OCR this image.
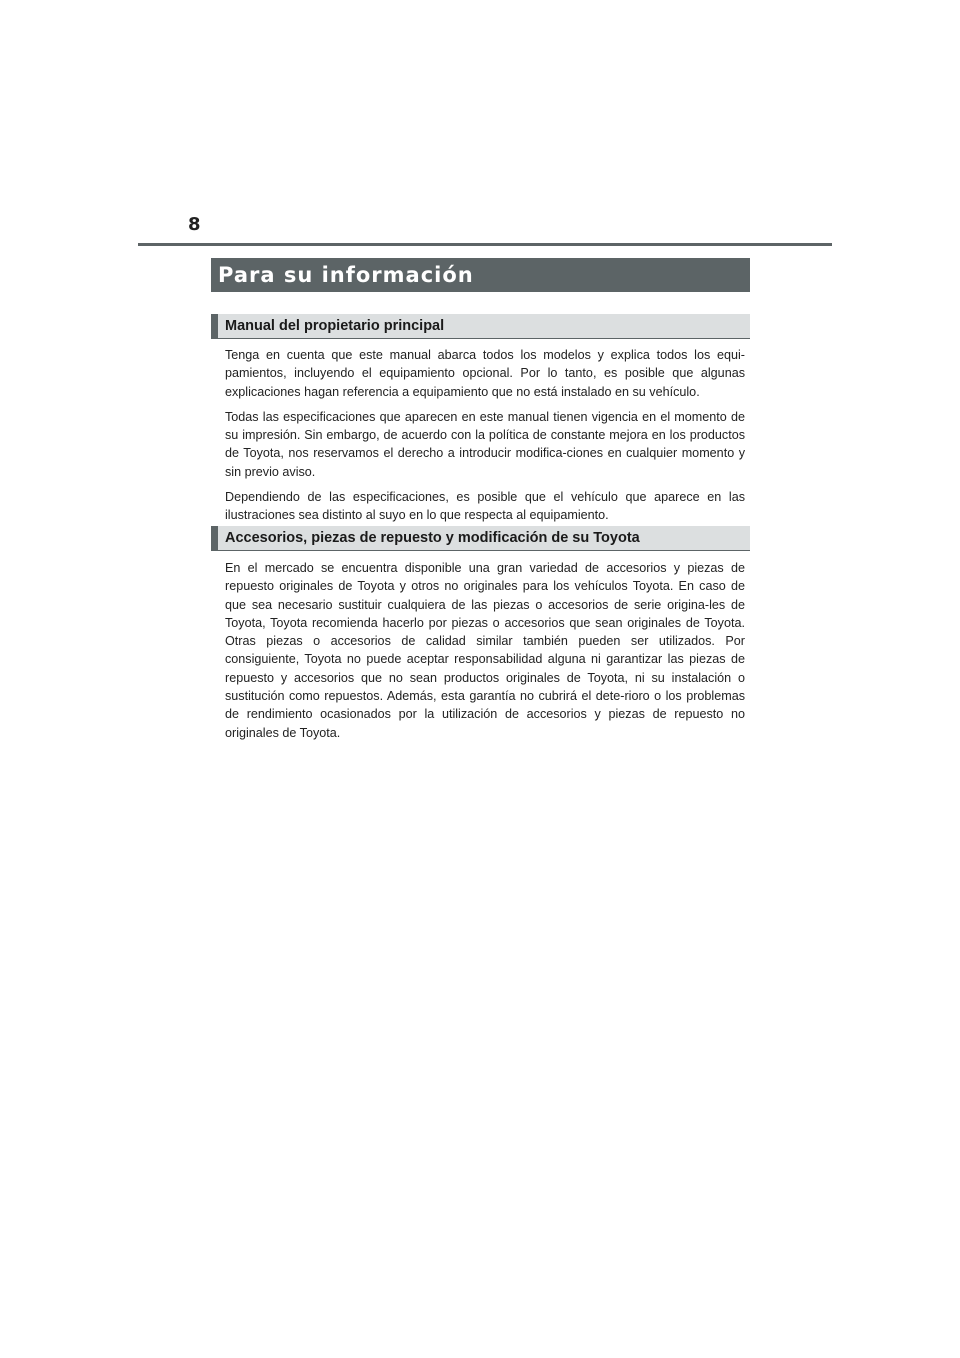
8
Para su información
Manual del propietario principal

Tenga en cuenta que este manual abarca todos los modelos y explica todos los equi-pamientos, incluyendo el equipamiento opcional. Por lo tanto, es posible que algunas explicaciones hagan referencia a equipamiento que no está instalado en su vehículo.

Todas las especificaciones que aparecen en este manual tienen vigencia en el momento de su impresión. Sin embargo, de acuerdo con la política de constante mejora en los productos de Toyota, nos reservamos el derecho a introducir modifica-ciones en cualquier momento y sin previo aviso.

Dependiendo de las especificaciones, es posible que el vehículo que aparece en las ilustraciones sea distinto al suyo en lo que respecta al equipamiento.

Accesorios, piezas de repuesto y modificación de su Toyota

En el mercado se encuentra disponible una gran variedad de accesorios y piezas de repuesto originales de Toyota y otros no originales para los vehículos Toyota. En caso de que sea necesario sustituir cualquiera de las piezas o accesorios de serie origina-les de Toyota, Toyota recomienda hacerlo por piezas o accesorios que sean originales de Toyota. Otras piezas o accesorios de calidad similar también pueden ser utilizados. Por consiguiente, Toyota no puede aceptar responsabilidad alguna ni garantizar las piezas de repuesto y accesorios que no sean productos originales de Toyota, ni su instalación o sustitución como repuestos. Además, esta garantía no cubrirá el dete-rioro o los problemas de rendimiento ocasionados por la utilización de accesorios y piezas de repuesto no originales de Toyota.
